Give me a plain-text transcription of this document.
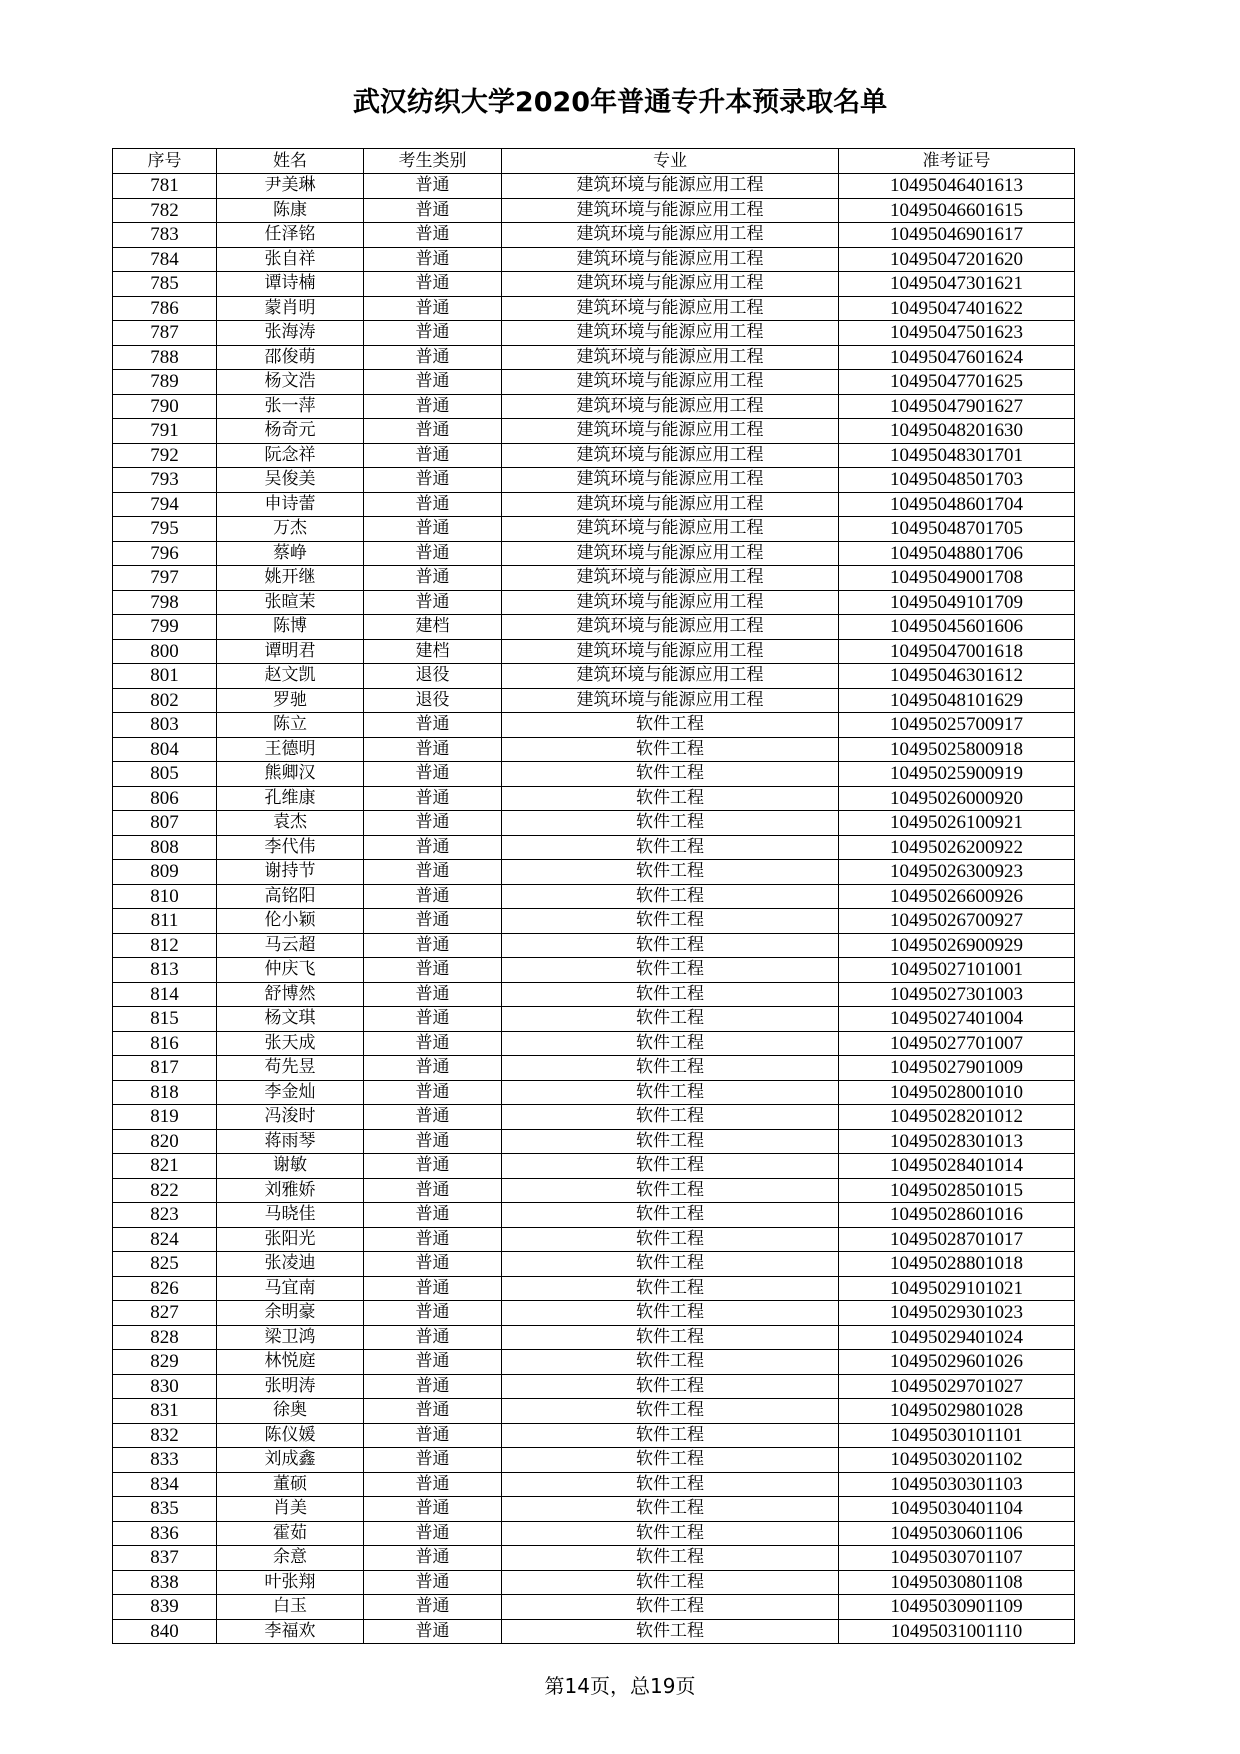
武汉纺织大学2020年普通专升本预录取名单
序号	姓名	考生类别	专业	准考证号
781	尹美琳	普通	建筑环境与能源应用工程	10495046401613
782	陈康	普通	建筑环境与能源应用工程	10495046601615
783	任泽铭	普通	建筑环境与能源应用工程	10495046901617
784	张自祥	普通	建筑环境与能源应用工程	10495047201620
785	谭诗楠	普通	建筑环境与能源应用工程	10495047301621
786	蒙肖明	普通	建筑环境与能源应用工程	10495047401622
787	张海涛	普通	建筑环境与能源应用工程	10495047501623
788	邵俊萌	普通	建筑环境与能源应用工程	10495047601624
789	杨文浩	普通	建筑环境与能源应用工程	10495047701625
790	张一萍	普通	建筑环境与能源应用工程	10495047901627
791	杨奇元	普通	建筑环境与能源应用工程	10495048201630
792	阮念祥	普通	建筑环境与能源应用工程	10495048301701
793	吴俊美	普通	建筑环境与能源应用工程	10495048501703
794	申诗蕾	普通	建筑环境与能源应用工程	10495048601704
795	万杰	普通	建筑环境与能源应用工程	10495048701705
796	蔡峥	普通	建筑环境与能源应用工程	10495048801706
797	姚开继	普通	建筑环境与能源应用工程	10495049001708
798	张暄茉	普通	建筑环境与能源应用工程	10495049101709
799	陈博	建档	建筑环境与能源应用工程	10495045601606
800	谭明君	建档	建筑环境与能源应用工程	10495047001618
801	赵文凯	退役	建筑环境与能源应用工程	10495046301612
802	罗驰	退役	建筑环境与能源应用工程	10495048101629
803	陈立	普通	软件工程	10495025700917
804	王德明	普通	软件工程	10495025800918
805	熊卿汉	普通	软件工程	10495025900919
806	孔维康	普通	软件工程	10495026000920
807	袁杰	普通	软件工程	10495026100921
808	李代伟	普通	软件工程	10495026200922
809	谢持节	普通	软件工程	10495026300923
810	高铭阳	普通	软件工程	10495026600926
811	伦小颖	普通	软件工程	10495026700927
812	马云超	普通	软件工程	10495026900929
813	仲庆飞	普通	软件工程	10495027101001
814	舒博然	普通	软件工程	10495027301003
815	杨文琪	普通	软件工程	10495027401004
816	张天成	普通	软件工程	10495027701007
817	苟先昱	普通	软件工程	10495027901009
818	李金灿	普通	软件工程	10495028001010
819	冯浚时	普通	软件工程	10495028201012
820	蒋雨琴	普通	软件工程	10495028301013
821	谢敏	普通	软件工程	10495028401014
822	刘雅娇	普通	软件工程	10495028501015
823	马晓佳	普通	软件工程	10495028601016
824	张阳光	普通	软件工程	10495028701017
825	张凌迪	普通	软件工程	10495028801018
826	马宜南	普通	软件工程	10495029101021
827	余明豪	普通	软件工程	10495029301023
828	梁卫鸿	普通	软件工程	10495029401024
829	林悦庭	普通	软件工程	10495029601026
830	张明涛	普通	软件工程	10495029701027
831	徐奥	普通	软件工程	10495029801028
832	陈仪媛	普通	软件工程	10495030101101
833	刘成鑫	普通	软件工程	10495030201102
834	董硕	普通	软件工程	10495030301103
835	肖美	普通	软件工程	10495030401104
836	霍茹	普通	软件工程	10495030601106
837	余意	普通	软件工程	10495030701107
838	叶张翔	普通	软件工程	10495030801108
839	白玉	普通	软件工程	10495030901109
840	李福欢	普通	软件工程	10495031001110
第14页，总19页
